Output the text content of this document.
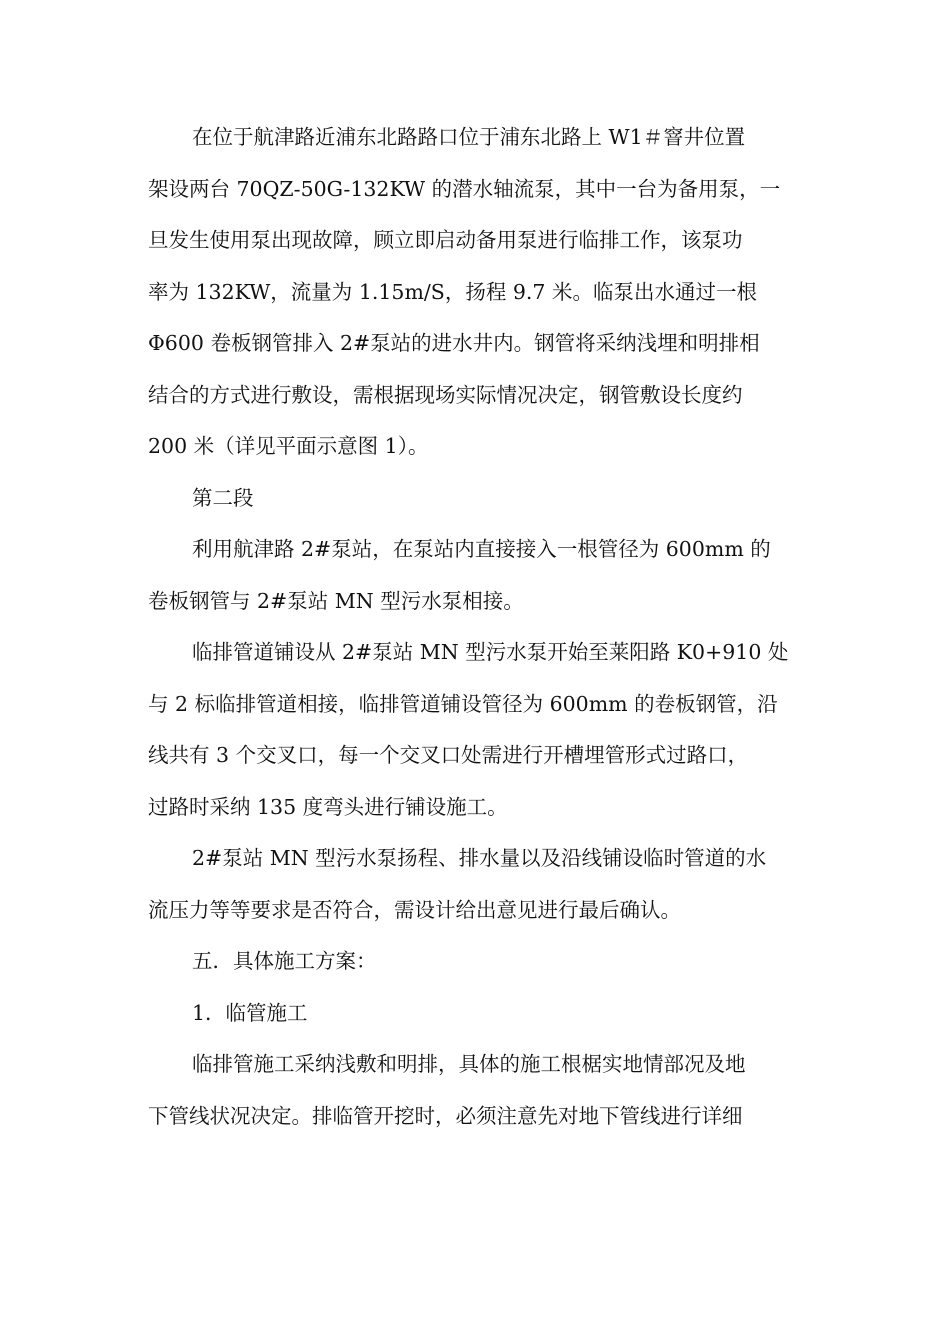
在位于航津路近浦东北路路口位于浦东北路上 W1＃窨井位置
架设两台 70QZ-50G-132KW 的潜水轴流泵，其中一台为备用泵，一
旦发生使用泵出现故障，顾立即启动备用泵进行临排工作，该泵功
率为 132KW，流量为 1.15m/S，扬程 9.7 米。临泵出水通过一根
Φ600 卷板钢管排入 2#泵站的进水井内。钢管将采纳浅埋和明排相
结合的方式进行敷设，需根据现场实际情况决定，钢管敷设长度约
200 米（详见平面示意图 1）。
第二段
利用航津路 2#泵站，在泵站内直接接入一根管径为 600mm 的
卷板钢管与 2#泵站 MN 型污水泵相接。
临排管道铺设从 2#泵站 MN 型污水泵开始至莱阳路 K0+910 处
与 2 标临排管道相接，临排管道铺设管径为 600mm 的卷板钢管，沿
线共有 3 个交叉口，每一个交叉口处需进行开槽埋管形式过路口，
过路时采纳 135 度弯头进行铺设施工。
2#泵站 MN 型污水泵扬程、排水量以及沿线铺设临时管道的水
流压力等等要求是否符合，需设计给出意见进行最后确认。
五．具体施工方案：
1．临管施工
临排管施工采纳浅敷和明排，具体的施工根椐实地情部况及地
下管线状况决定。排临管开挖时，必须注意先对地下管线进行详细
